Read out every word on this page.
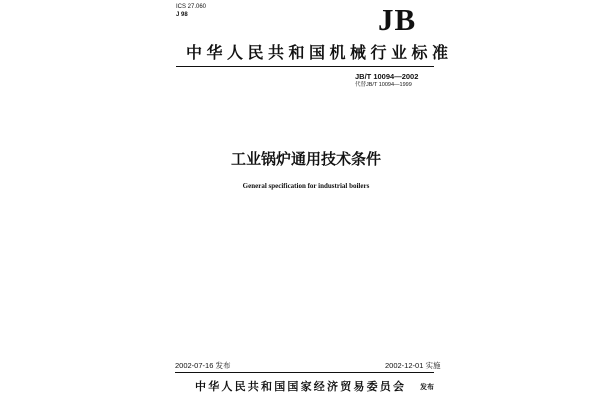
ICS 27.060
J 98	JB
中华人民共和国机械行业标准
JB/T 10094—2002
代替JB/T 10094—1999
工业锅炉通用技术条件
General specification for industrial boilers
2002-07-16 发布	2002-12-01 实施
中华人民共和国国家经济贸易委员会 发布
